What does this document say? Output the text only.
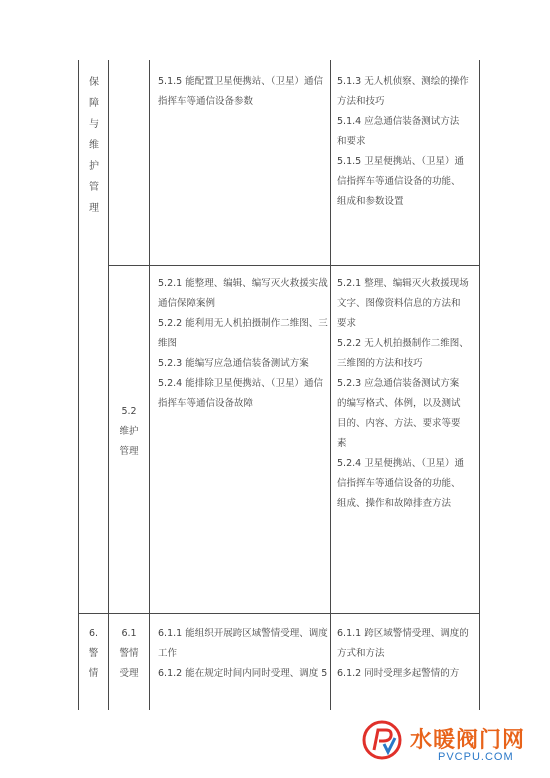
保
障
与
维
护
管
理
5.1.5 能配置卫星便携站、（卫星）通信
指挥车等通信设备参数
5.1.3 无人机侦察、测绘的操作
方法和技巧
5.1.4 应急通信装备测试方法
和要求
5.1.5 卫星便携站、（卫星）通
信指挥车等通信设备的功能、
组成和参数设置
5.2
维护
管理
5.2.1 能整理、编辑、编写灭火救援实战
通信保障案例
5.2.2 能利用无人机拍摄制作二维图、三
维图
5.2.3 能编写应急通信装备测试方案
5.2.4 能排除卫星便携站、（卫星）通信
指挥车等通信设备故障
5.2.1 整理、编辑灭火救援现场
文字、图像资料信息的方法和
要求
5.2.2 无人机拍摄制作二维图、
三维图的方法和技巧
5.2.3 应急通信装备测试方案
的编写格式、体例，以及测试
目的、内容、方法、要求等要
素
5.2.4 卫星便携站、（卫星）通
信指挥车等通信设备的功能、
组成、操作和故障排查方法
6.
警
情
6.1
警情
受理
6.1.1 能组织开展跨区域警情受理、调度
工作
6.1.2 能在规定时间内同时受理、调度 5
6.1.1 跨区域警情受理、调度的
方式和方法
6.1.2 同时受理多起警情的方
水暖阀门网
PVCPU.COM
